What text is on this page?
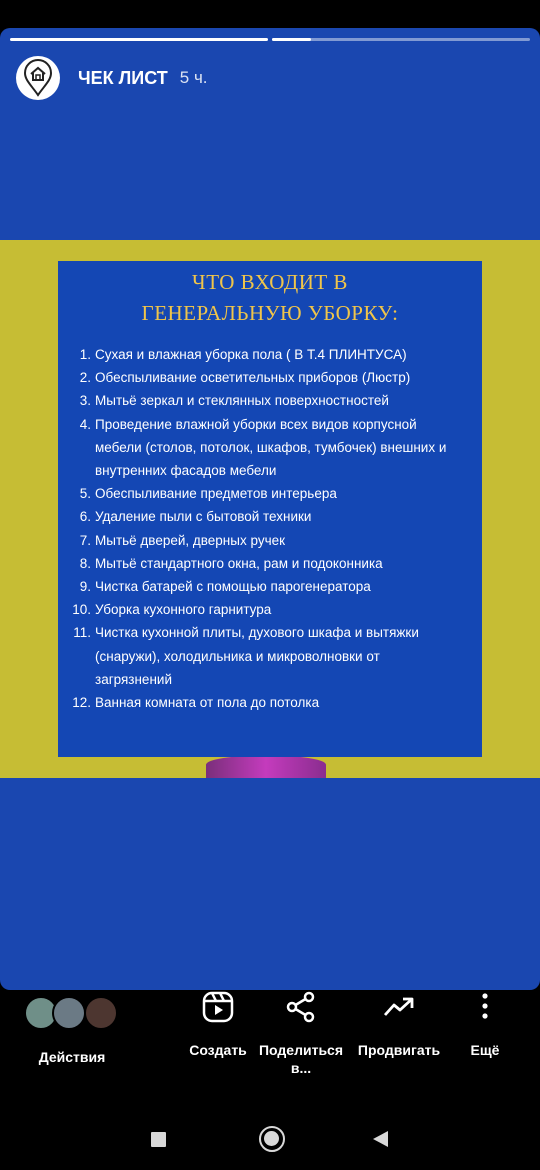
ЧЕК ЛИСТ 5 ч.
ЧТО ВХОДИТ В
ГЕНЕРАЛЬНУЮ УБОРКУ:
1. Сухая и влажная уборка пола ( В Т.4 ПЛИНТУСА)
2. Обеспыливание осветительных приборов (Люстр)
3. Мытьё зеркал и стеклянных поверхностностей
4. Проведение влажной уборки всех видов корпусной
мебели (столов, потолок, шкафов, тумбочек) внешних и
внутренних фасадов мебели
5. Обеспыливание предметов интерьера
6. Удаление пыли с бытовой техники
7. Мытьё дверей, дверных ручек
8. Мытьё стандартного окна, рам и подоконника
9. Чистка батарей с помощью парогенератора
10. Уборка кухонного гарнитура
11. Чистка кухонной плиты, духового шкафа и вытяжки
(снаружи), холодильника и микроволновки от
загрязнений
12. Ванная комната от пола до потолка
Действия	Создать Поделиться
в...
Продвигать	Ещё
